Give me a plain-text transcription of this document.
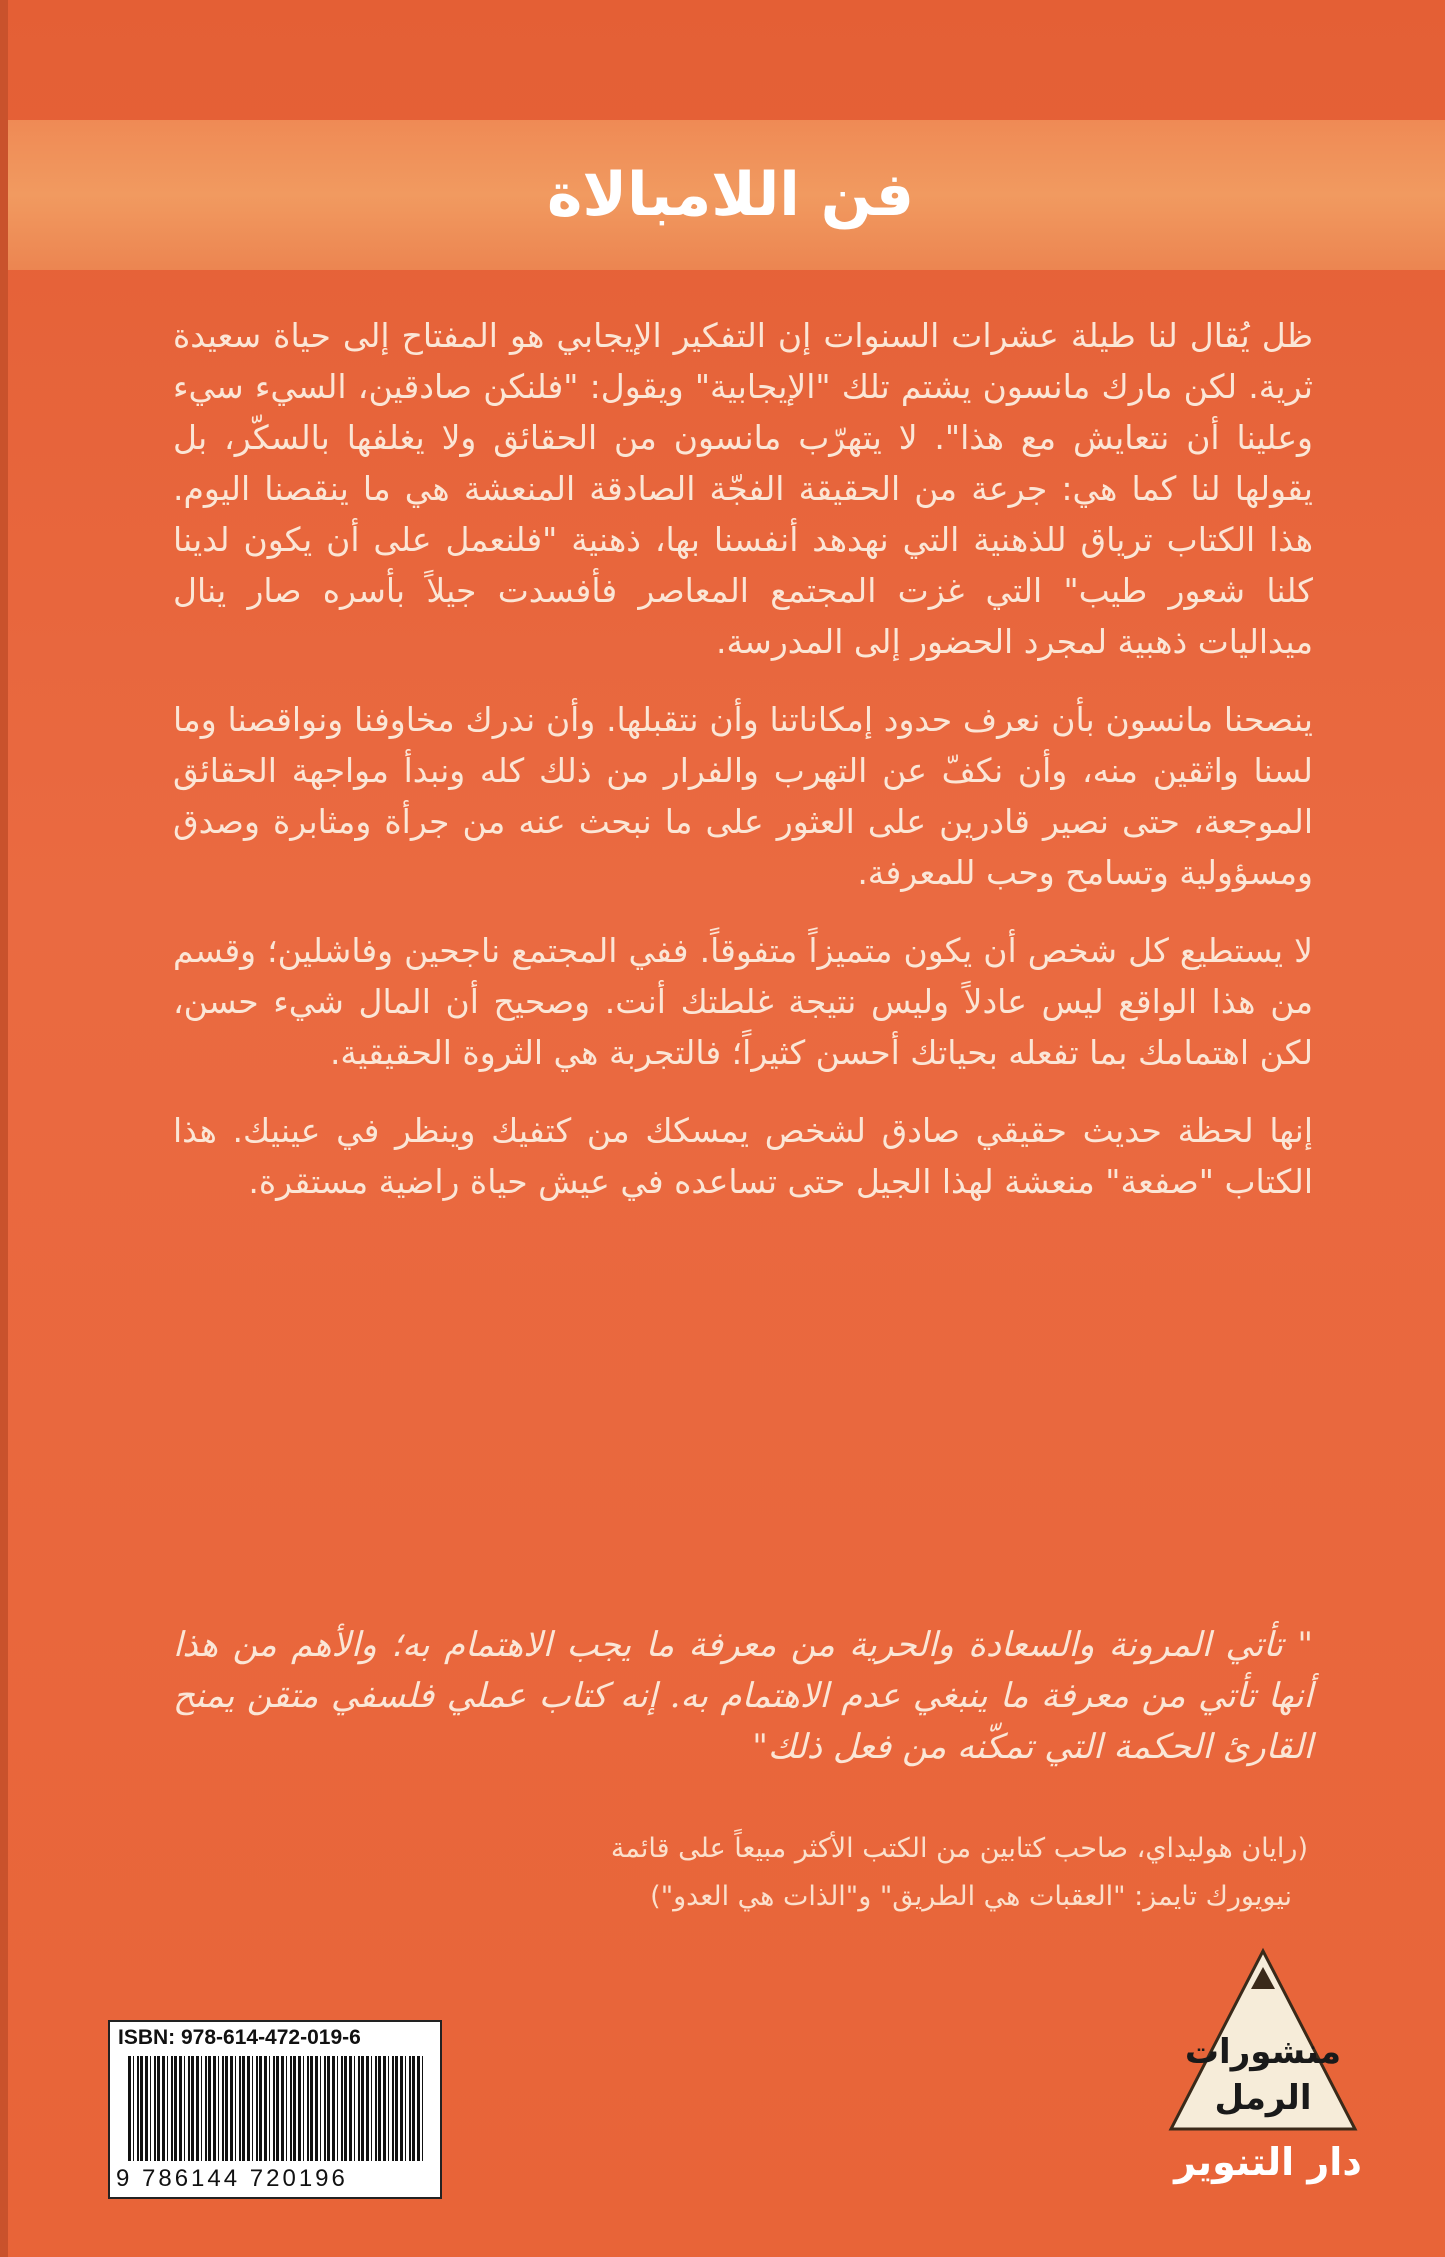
فن اللامبالاة

ظل يُقال لنا طيلة عشرات السنوات إن التفكير الإيجابي هو المفتاح إلى حياة سعيدة ثرية. لكن مارك مانسون يشتم تلك "الإيجابية" ويقول: "فلنكن صادقين، السيء سيء وعلينا أن نتعايش مع هذا". لا يتهرّب مانسون من الحقائق ولا يغلفها بالسكّر، بل يقولها لنا كما هي: جرعة من الحقيقة الفجّة الصادقة المنعشة هي ما ينقصنا اليوم. هذا الكتاب ترياق للذهنية التي نهدهد أنفسنا بها، ذهنية "فلنعمل على أن يكون لدينا كلنا شعور طيب" التي غزت المجتمع المعاصر فأفسدت جيلاً بأسره صار ينال ميداليات ذهبية لمجرد الحضور إلى المدرسة.

ينصحنا مانسون بأن نعرف حدود إمكاناتنا وأن نتقبلها. وأن ندرك مخاوفنا ونواقصنا وما لسنا واثقين منه، وأن نكفّ عن التهرب والفرار من ذلك كله ونبدأ مواجهة الحقائق الموجعة، حتى نصير قادرين على العثور على ما نبحث عنه من جرأة ومثابرة وصدق ومسؤولية وتسامح وحب للمعرفة.

لا يستطيع كل شخص أن يكون متميزاً متفوقاً. ففي المجتمع ناجحين وفاشلين؛ وقسم من هذا الواقع ليس عادلاً وليس نتيجة غلطتك أنت. وصحيح أن المال شيء حسن، لكن اهتمامك بما تفعله بحياتك أحسن كثيراً؛ فالتجربة هي الثروة الحقيقية.

إنها لحظة حديث حقيقي صادق لشخص يمسكك من كتفيك وينظر في عينيك. هذا الكتاب "صفعة" منعشة لهذا الجيل حتى تساعده في عيش حياة راضية مستقرة.

" تأتي المرونة والسعادة والحرية من معرفة ما يجب الاهتمام به؛ والأهم من هذا أنها تأتي من معرفة ما ينبغي عدم الاهتمام به. إنه كتاب عملي فلسفي متقن يمنح القارئ الحكمة التي تمكّنه من فعل ذلك"
(رايان هوليداي، صاحب كتابين من الكتب الأكثر مبيعاً على قائمة
نيويورك تايمز: "العقبات هي الطريق" و"الذات هي العدو")
ISBN: 978-614-472-019-6
9 786144 720196
منشورات
الرمل
دار التنوير
